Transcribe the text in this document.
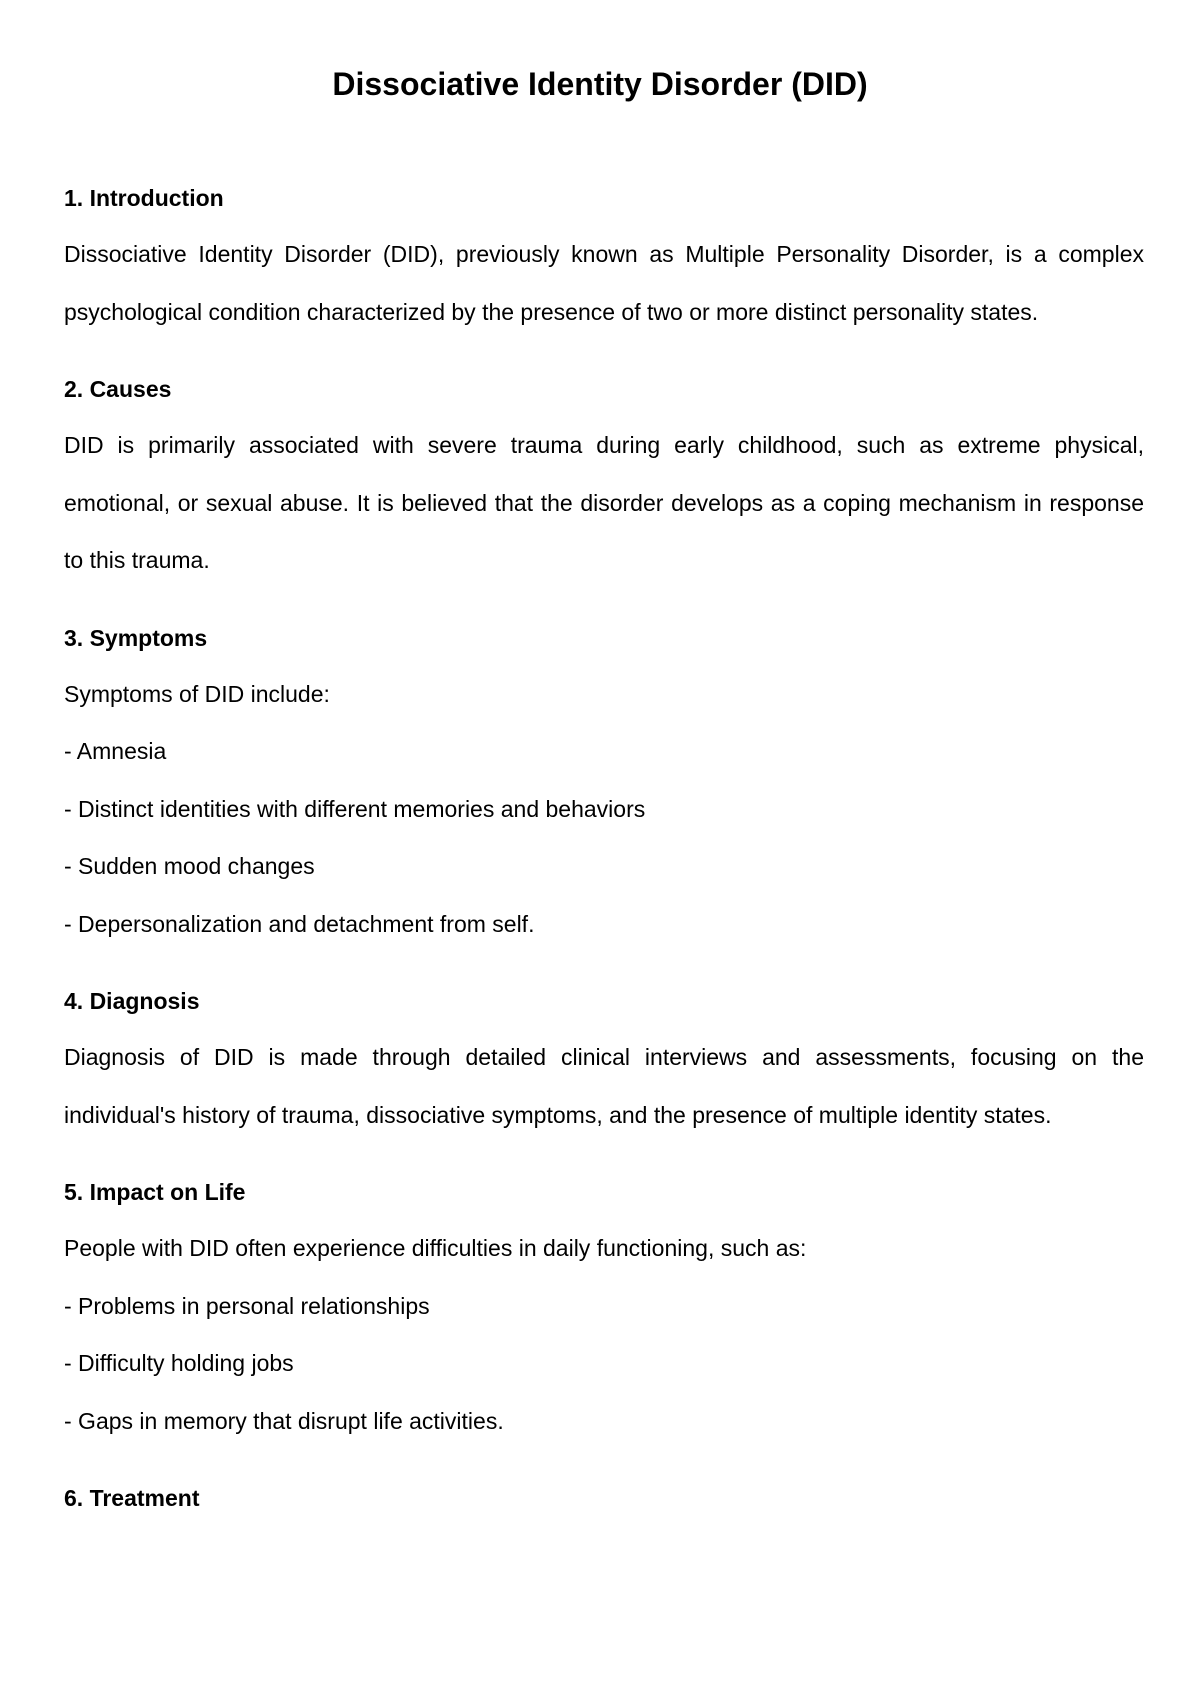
Dissociative Identity Disorder (DID)

1. Introduction

Dissociative Identity Disorder (DID), previously known as Multiple Personality Disorder, is a complex psychological condition characterized by the presence of two or more distinct personality states.

2. Causes

DID is primarily associated with severe trauma during early childhood, such as extreme physical, emotional, or sexual abuse. It is believed that the disorder develops as a coping mechanism in response to this trauma.

3. Symptoms

Symptoms of DID include:

- Amnesia

- Distinct identities with different memories and behaviors

- Sudden mood changes

- Depersonalization and detachment from self.

4. Diagnosis

Diagnosis of DID is made through detailed clinical interviews and assessments, focusing on the individual's history of trauma, dissociative symptoms, and the presence of multiple identity states.

5. Impact on Life

People with DID often experience difficulties in daily functioning, such as:

- Problems in personal relationships

- Difficulty holding jobs

- Gaps in memory that disrupt life activities.

6. Treatment
